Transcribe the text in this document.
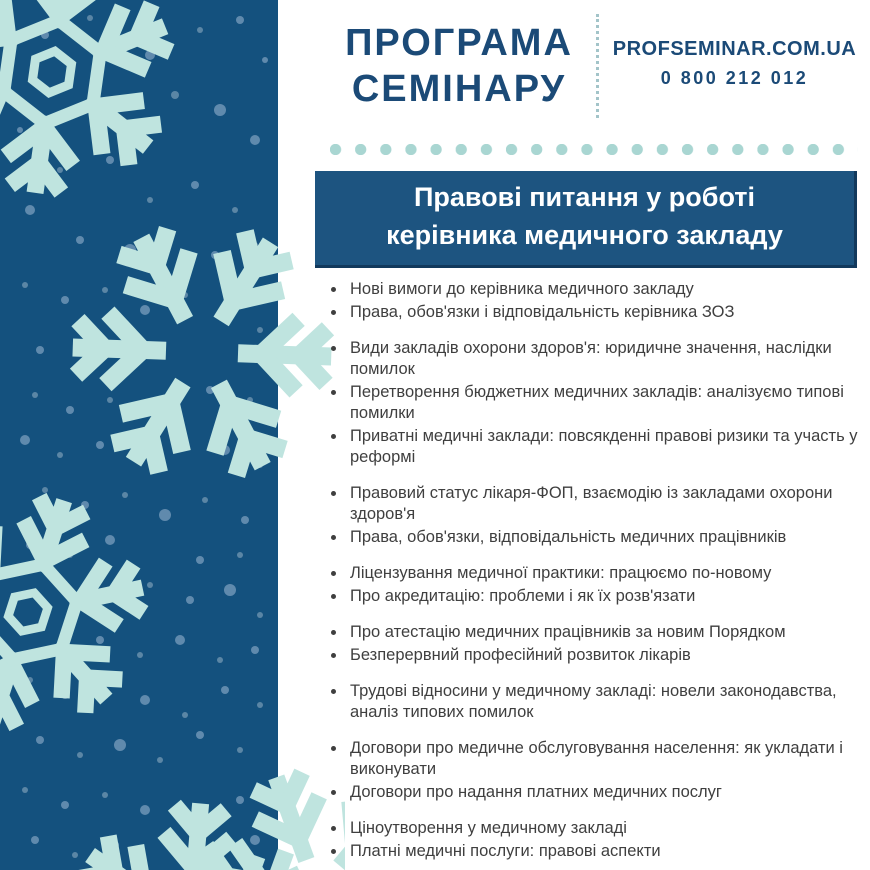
ПРОГРАМА
СЕМІНАРУ
PROFSEMINAR.COM.UA
0 800 212 012
Правові питання у роботі
керівника медичного закладу
• Нові вимоги до керівника медичного закладу
• Права, обов'язки і відповідальність керівника ЗОЗ
• Види закладів охорони здоров'я: юридичне значення, наслідки помилок
• Перетворення бюджетних медичних закладів: аналізуємо типові помилки
• Приватні медичні заклади: повсякденні правові ризики та участь у реформі
• Правовий статус лікаря-ФОП, взаємодію із закладами охорони здоров'я
• Права, обов'язки, відповідальність медичних працівників
• Ліцензування медичної практики: працюємо по-новому
• Про акредитацію: проблеми і як їх розв'язати
• Про атестацію медичних працівників за новим Порядком
• Безперервний професійний розвиток лікарів
• Трудові відносини у медичному закладі: новели законодавства, аналіз типових помилок
• Договори про медичне обслуговування населення: як укладати і виконувати
• Договори про надання платних медичних послуг
• Ціноутворення у медичному закладі
• Платні медичні послуги: правові аспекти
